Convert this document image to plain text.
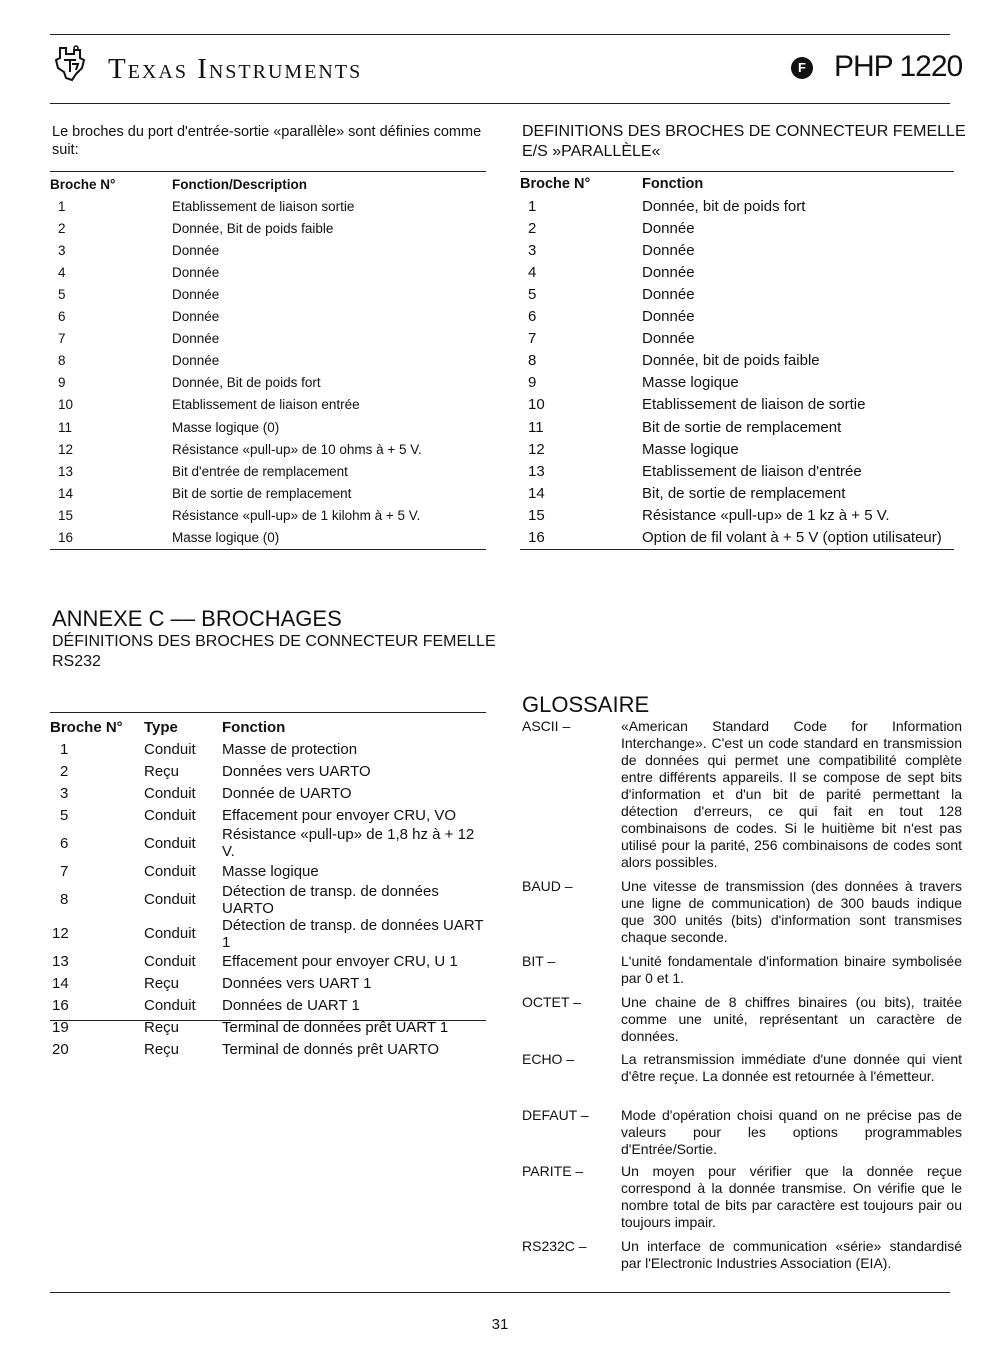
Texas Instruments	F PHP 1220
Le broches du port d'entrée-sortie «parallèle» sont définies comme suit:
Broche N°	Fonction/Description
1	Etablissement de liaison sortie
2	Donnée, Bit de poids faible
3	Donnée
4	Donnée
5	Donnée
6	Donnée
7	Donnée
8	Donnée
9	Donnée, Bit de poids fort
10	Etablissement de liaison entrée
11	Masse logique (0)
12	Résistance «pull-up» de 10 ohms à + 5 V.
13	Bit d'entrée de remplacement
14	Bit de sortie de remplacement
15	Résistance «pull-up» de 1 kilohm à + 5 V.
16	Masse logique (0)
DEFINITIONS DES BROCHES DE CONNECTEUR FEMELLE E/S »PARALLÈLE«
Broche N°	Fonction
1	Donnée, bit de poids fort
2	Donnée
3	Donnée
4	Donnée
5	Donnée
6	Donnée
7	Donnée
8	Donnée, bit de poids faible
9	Masse logique
10	Etablissement de liaison de sortie
11	Bit de sortie de remplacement
12	Masse logique
13	Etablissement de liaison d'entrée
14	Bit, de sortie de remplacement
15	Résistance «pull-up» de 1 kz à + 5 V.
16	Option de fil volant à + 5 V (option utilisateur)
ANNEXE C –– BROCHAGES
DÉFINITIONS DES BROCHES DE CONNECTEUR FEMELLE RS232
Broche N°	Type	Fonction
1	Conduit	Masse de protection
2	Reçu	Données vers UARTO
3	Conduit	Donnée de UARTO
5	Conduit	Effacement pour envoyer CRU, VO
6	Conduit	Résistance «pull-up» de 1,8 hz à + 12 V.
7	Conduit	Masse logique
8	Conduit	Détection de transp. de données UARTO
12	Conduit	Détection de transp. de données UART 1
13	Conduit	Effacement pour envoyer CRU, U 1
14	Reçu	Données vers UART 1
16	Conduit	Données de UART 1
19	Reçu	Terminal de données prêt UART 1
20	Reçu	Terminal de donnés prêt UARTO
GLOSSAIRE
ASCII –	«American Standard Code for Information Interchange». C'est un code standard en transmission de données qui permet une compatibilité complète entre différents appareils. Il se compose de sept bits d'information et d'un bit de parité permettant la détection d'erreurs, ce qui fait en tout 128 combinaisons de codes. Si le huitième bit n'est pas utilisé pour la parité, 256 combinaisons de codes sont alors possibles.
BAUD –	Une vitesse de transmission (des données à travers une ligne de communication) de 300 bauds indique que 300 unités (bits) d'information sont transmises chaque seconde.
BIT –	L'unité fondamentale d'information binaire symbolisée par 0 et 1.
OCTET –	Une chaine de 8 chiffres binaires (ou bits), traitée comme une unité, représentant un caractère de données.
ECHO –	La retransmission immédiate d'une donnée qui vient d'être reçue. La donnée est retournée à l'émetteur.
DEFAUT –	Mode d'opération choisi quand on ne précise pas de valeurs pour les options programmables d'Entrée/Sortie.
PARITE –	Un moyen pour vérifier que la donnée reçue correspond à la donnée transmise. On vérifie que le nombre total de bits par caractère est toujours pair ou toujours impair.
RS232C –	Un interface de communication «série» standardisé par l'Electronic Industries Association (EIA).
31
